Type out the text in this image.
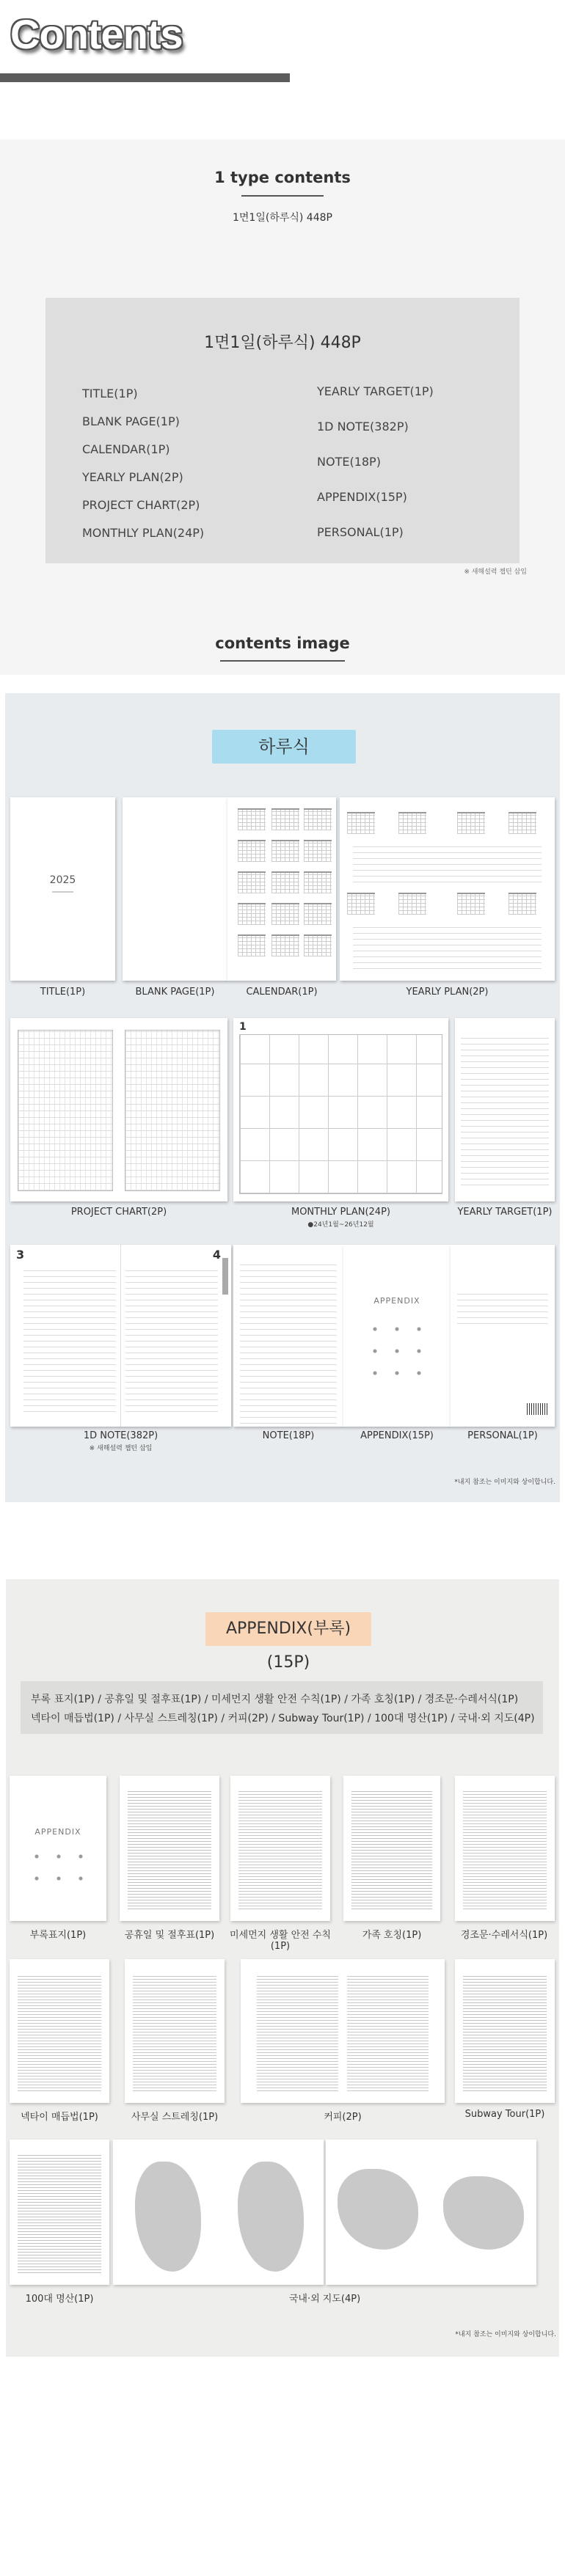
Contents
1 type contents
1면1일(하루식) 448P
1면1일(하루식) 448P
TITLE(1P)
BLANK PAGE(1P)
CALENDAR(1P)
YEARLY PLAN(2P)
PROJECT CHART(2P)
MONTHLY PLAN(24P)
YEARLY TARGET(1P)
1D NOTE(382P)
NOTE(18P)
APPENDIX(15P)
PERSONAL(1P)
※ 새해설력 챕턴 삽입
contents image
하루식
2025
TITLE(1P)	BLANK PAGE(1P)	CALENDAR(1P)	YEARLY PLAN(2P)
1
PROJECT CHART(2P)	MONTHLY PLAN(24P)
●24년1월~26년12월
YEARLY TARGET(1P)
3	4
APPENDIX
1D NOTE(382P)
※ 새해설력 챕턴 삽입
NOTE(18P)	APPENDIX(15P)	PERSONAL(1P)
*내지 참조는 이미지와 상이합니다.
APPENDIX(부록)(15P)
부록 표지(1P) / 공휴일 및 절후표(1P) / 미세먼지 생활 안전 수칙(1P) / 가족 호칭(1P) / 경조문·수레서식(1P)
넥타이 매듭법(1P) / 사무실 스트레칭(1P) / 커피(2P) / Subway Tour(1P) / 100대 명산(1P) / 국내·외 지도(4P)
APPENDIX
부록표지(1P)	공휴일 및 절후표(1P)	미세먼지 생활 안전 수칙(1P)
가족 호칭(1P)	경조문·수레서식(1P)
넥타이 매듭법(1P)	사무실 스트레칭(1P)	커피(2P)	Subway Tour(1P)
100대 명산(1P)	국내·외 지도(4P)
*내지 참조는 이미지와 상이합니다.
